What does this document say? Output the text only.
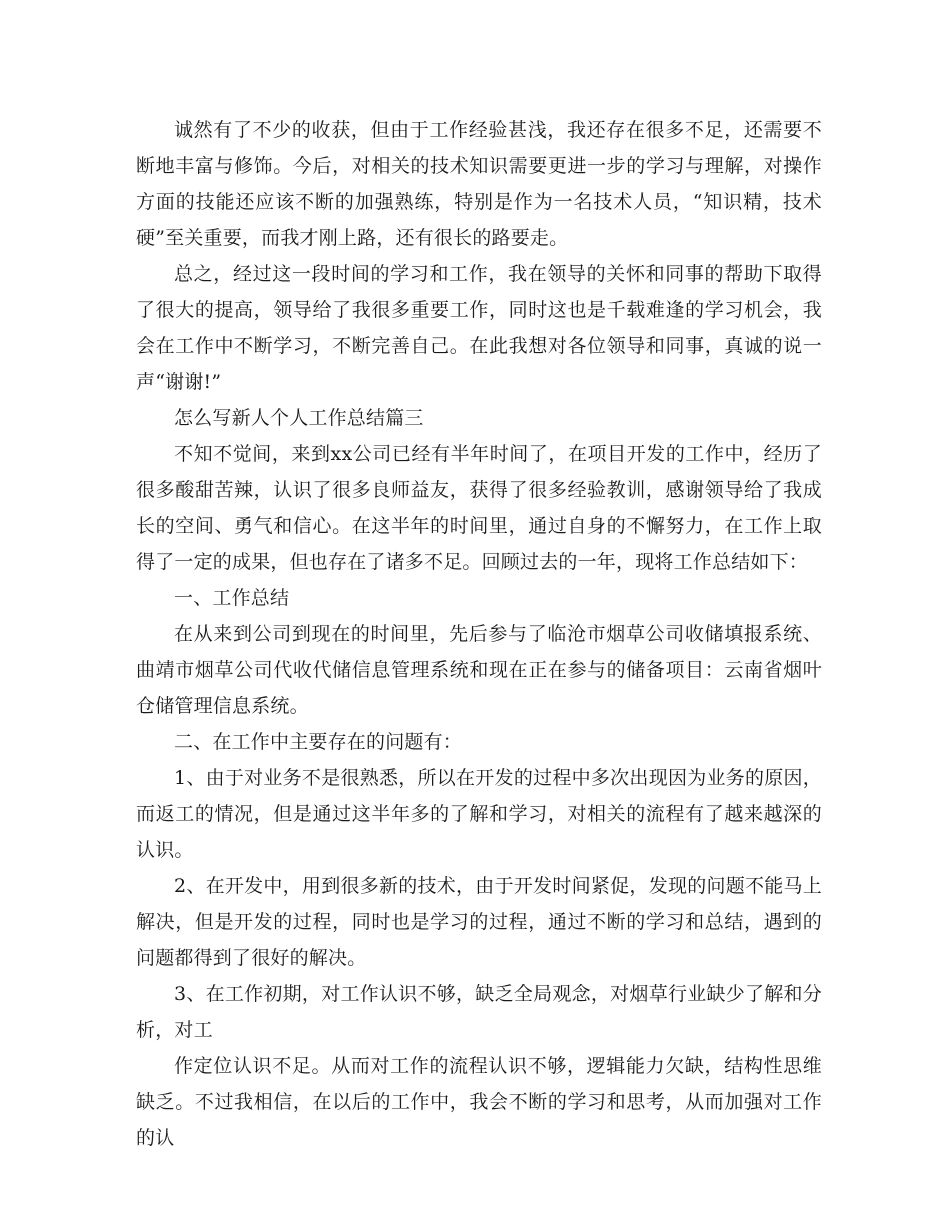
诚然有了不少的收获，但由于工作经验甚浅，我还存在很多不足，还需要不断地丰富与修饰。今后，对相关的技术知识需要更进一步的学习与理解，对操作方面的技能还应该不断的加强熟练，特别是作为一名技术人员，“知识精，技术硬”至关重要，而我才刚上路，还有很长的路要走。

总之，经过这一段时间的学习和工作，我在领导的关怀和同事的帮助下取得了很大的提高，领导给了我很多重要工作，同时这也是千载难逢的学习机会，我会在工作中不断学习，不断完善自己。在此我想对各位领导和同事，真诚的说一声“谢谢!”

怎么写新人个人工作总结篇三

不知不觉间，来到xx公司已经有半年时间了，在项目开发的工作中，经历了很多酸甜苦辣，认识了很多良师益友，获得了很多经验教训，感谢领导给了我成长的空间、勇气和信心。在这半年的时间里，通过自身的不懈努力，在工作上取得了一定的成果，但也存在了诸多不足。回顾过去的一年，现将工作总结如下：

一、工作总结

在从来到公司到现在的时间里，先后参与了临沧市烟草公司收储填报系统、曲靖市烟草公司代收代储信息管理系统和现在正在参与的储备项目：云南省烟叶仓储管理信息系统。

二、在工作中主要存在的问题有：

1、由于对业务不是很熟悉，所以在开发的过程中多次出现因为业务的原因，而返工的情况，但是通过这半年多的了解和学习，对相关的流程有了越来越深的认识。

2、在开发中，用到很多新的技术，由于开发时间紧促，发现的问题不能马上解决，但是开发的过程，同时也是学习的过程，通过不断的学习和总结，遇到的问题都得到了很好的解决。

3、在工作初期，对工作认识不够，缺乏全局观念，对烟草行业缺少了解和分析，对工

作定位认识不足。从而对工作的流程认识不够，逻辑能力欠缺，结构性思维缺乏。不过我相信，在以后的工作中，我会不断的学习和思考，从而加强对工作的认
